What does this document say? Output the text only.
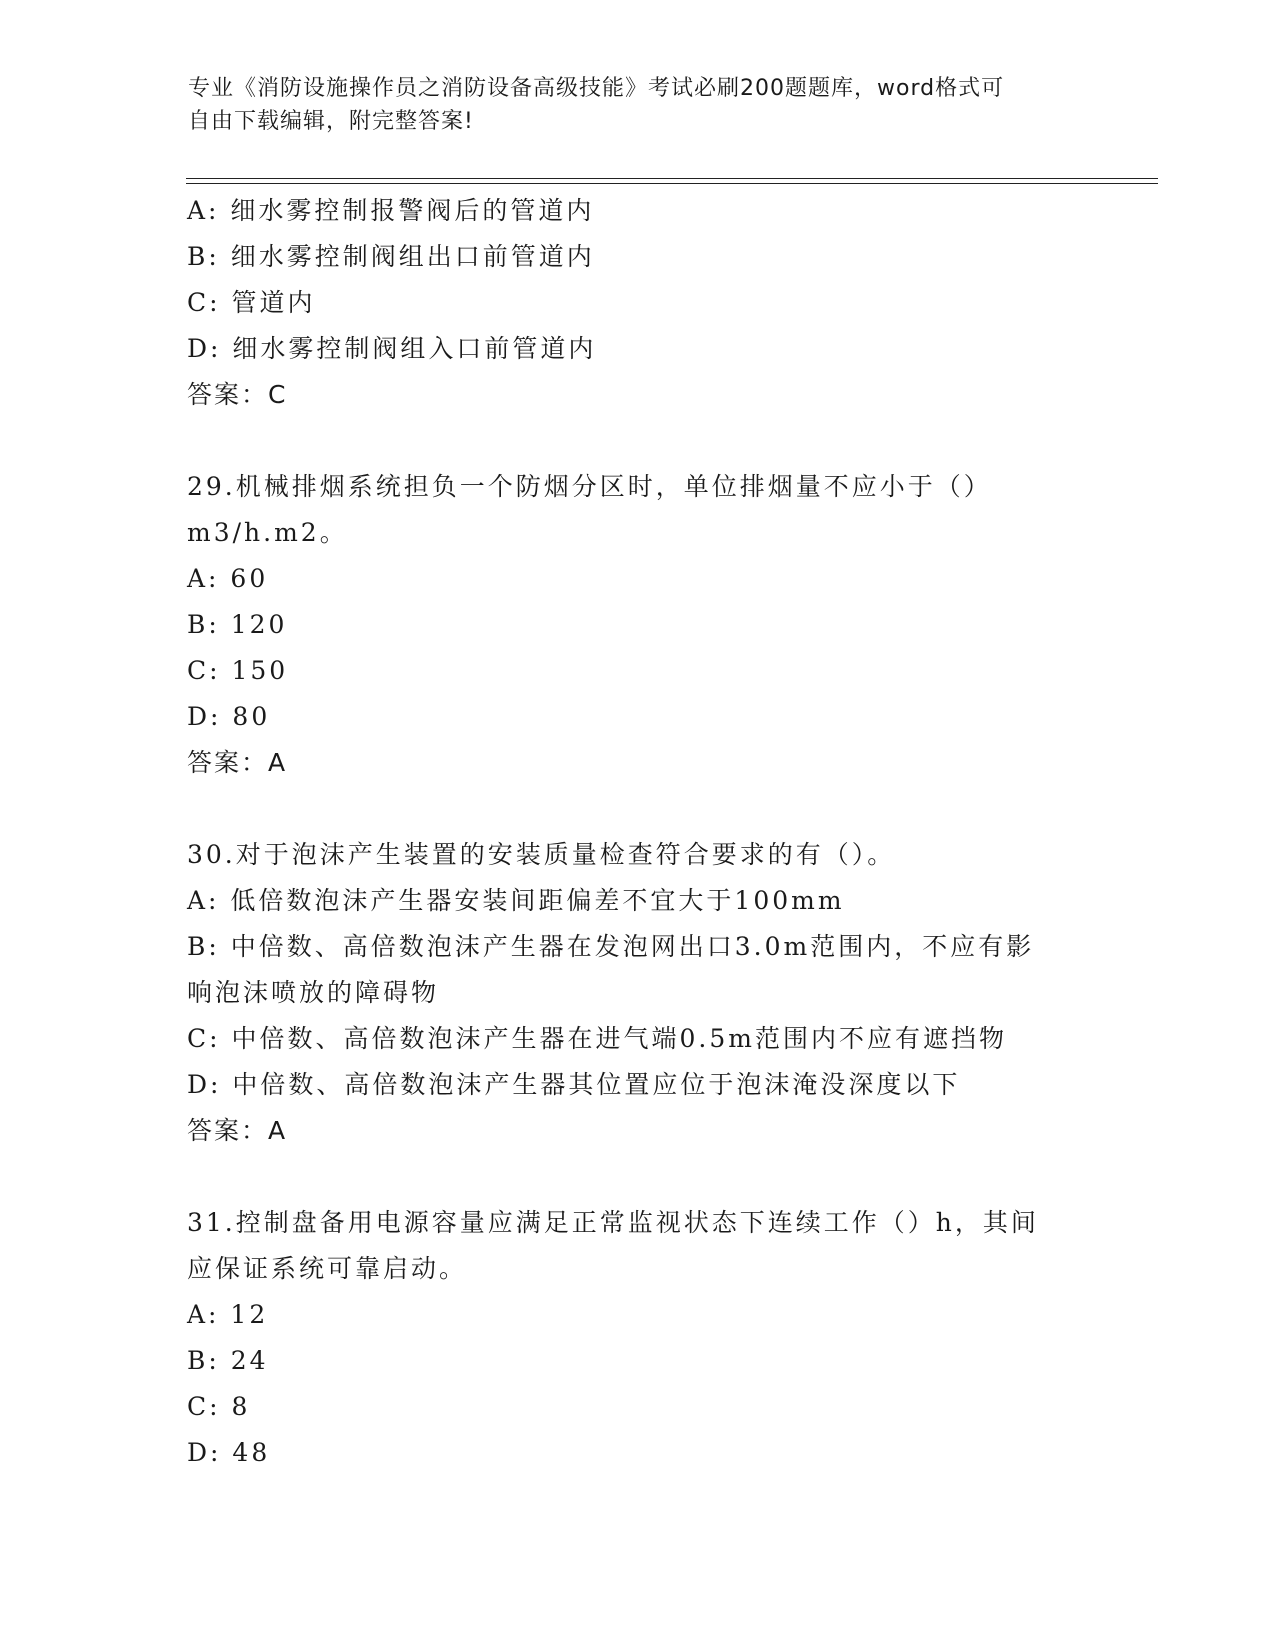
专业《消防设施操作员之消防设备高级技能》考试必刷200题题库，word格式可
自由下载编辑，附完整答案!
A: 细水雾控制报警阀后的管道内
B: 细水雾控制阀组出口前管道内
C: 管道内
D: 细水雾控制阀组入口前管道内
答案：C
29.机械排烟系统担负一个防烟分区时，单位排烟量不应小于（）
m3/h.m2。
A: 60
B: 120
C: 150
D: 80
答案：A
30.对于泡沫产生装置的安装质量检查符合要求的有（）。
A: 低倍数泡沫产生器安装间距偏差不宜大于100mm
B: 中倍数、高倍数泡沫产生器在发泡网出口3.0m范围内，不应有影
响泡沫喷放的障碍物
C: 中倍数、高倍数泡沫产生器在进气端0.5m范围内不应有遮挡物
D: 中倍数、高倍数泡沫产生器其位置应位于泡沫淹没深度以下
答案：A
31.控制盘备用电源容量应满足正常监视状态下连续工作（）h，其间
应保证系统可靠启动。
A: 12
B: 24
C: 8
D: 48
